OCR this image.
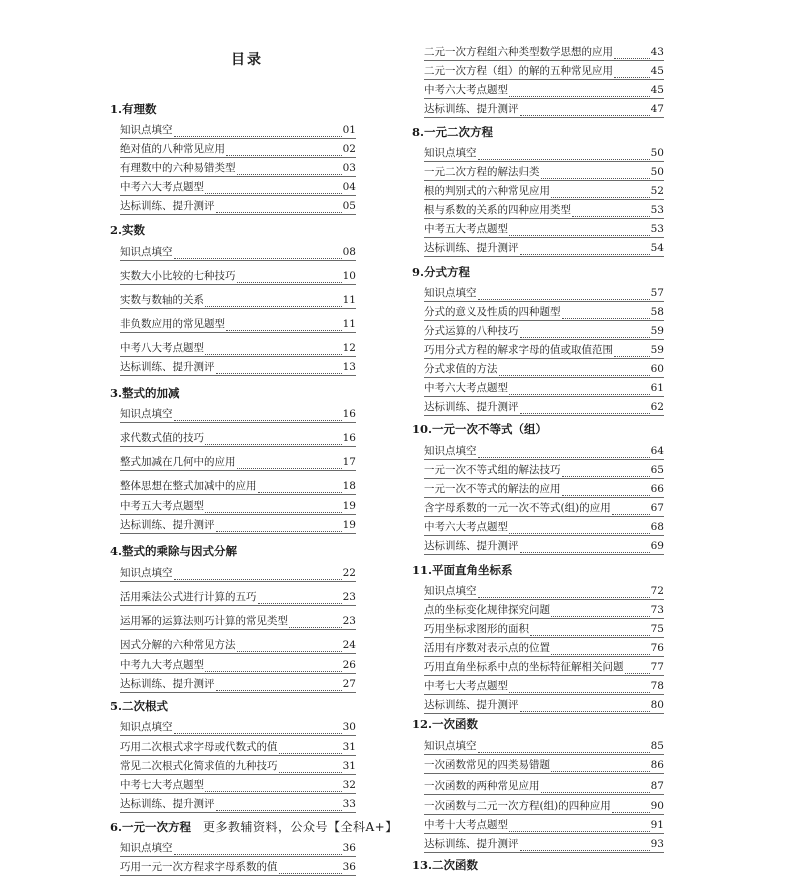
目录
1.有理数
知识点填空	01
绝对值的八种常见应用	02
有理数中的六种易错类型	03
中考六大考点题型	04
达标训练、提升测评	05
2.实数
知识点填空	08
实数大小比较的七种技巧	10
实数与数轴的关系	11
非负数应用的常见题型	11
中考八大考点题型	12
达标训练、提升测评	13
3.整式的加减
知识点填空	16
求代数式值的技巧	16
整式加减在几何中的应用	17
整体思想在整式加减中的应用	18
中考五大考点题型	19
达标训练、提升测评	19
4.整式的乘除与因式分解
知识点填空	22
活用乘法公式进行计算的五巧	23
运用幂的运算法则巧计算的常见类型	23
因式分解的六种常见方法	24
中考九大考点题型	26
达标训练、提升测评	27
5.二次根式
知识点填空	30
巧用二次根式求字母或代数式的值	31
常见二次根式化简求值的九种技巧	31
中考七大考点题型	32
达标训练、提升测评	33
6.一元一次方程 更多教辅资料，公众号【全科A+】
知识点填空	36
巧用一元一次方程求字母系数的值	36
二元一次方程组六种类型数学思想的应用	43
二元一次方程（组）的解的五种常见应用	45
中考六大考点题型	45
达标训练、提升测评	47
8.一元二次方程
知识点填空	50
一元二次方程的解法归类	50
根的判别式的六种常见应用	52
根与系数的关系的四种应用类型	53
中考五大考点题型	53
达标训练、提升测评	54
9.分式方程
知识点填空	57
分式的意义及性质的四种题型	58
分式运算的八种技巧	59
巧用分式方程的解求字母的值或取值范围	59
分式求值的方法	60
中考六大考点题型	61
达标训练、提升测评	62
10.一元一次不等式（组）
知识点填空	64
一元一次不等式组的解法技巧	65
一元一次不等式的解法的应用	66
含字母系数的一元一次不等式(组)的应用	67
中考六大考点题型	68
达标训练、提升测评	69
11.平面直角坐标系
知识点填空	72
点的坐标变化规律探究问题	73
巧用坐标求图形的面积	75
活用有序数对表示点的位置	76
巧用直角坐标系中点的坐标特征解相关问题	77
中考七大考点题型	78
达标训练、提升测评	80
12.一次函数
知识点填空	85
一次函数常见的四类易错题	86
一次函数的两种常见应用	87
一次函数与二元一次方程(组)的四种应用	90
中考十大考点题型	91
达标训练、提升测评	93
13.二次函数
